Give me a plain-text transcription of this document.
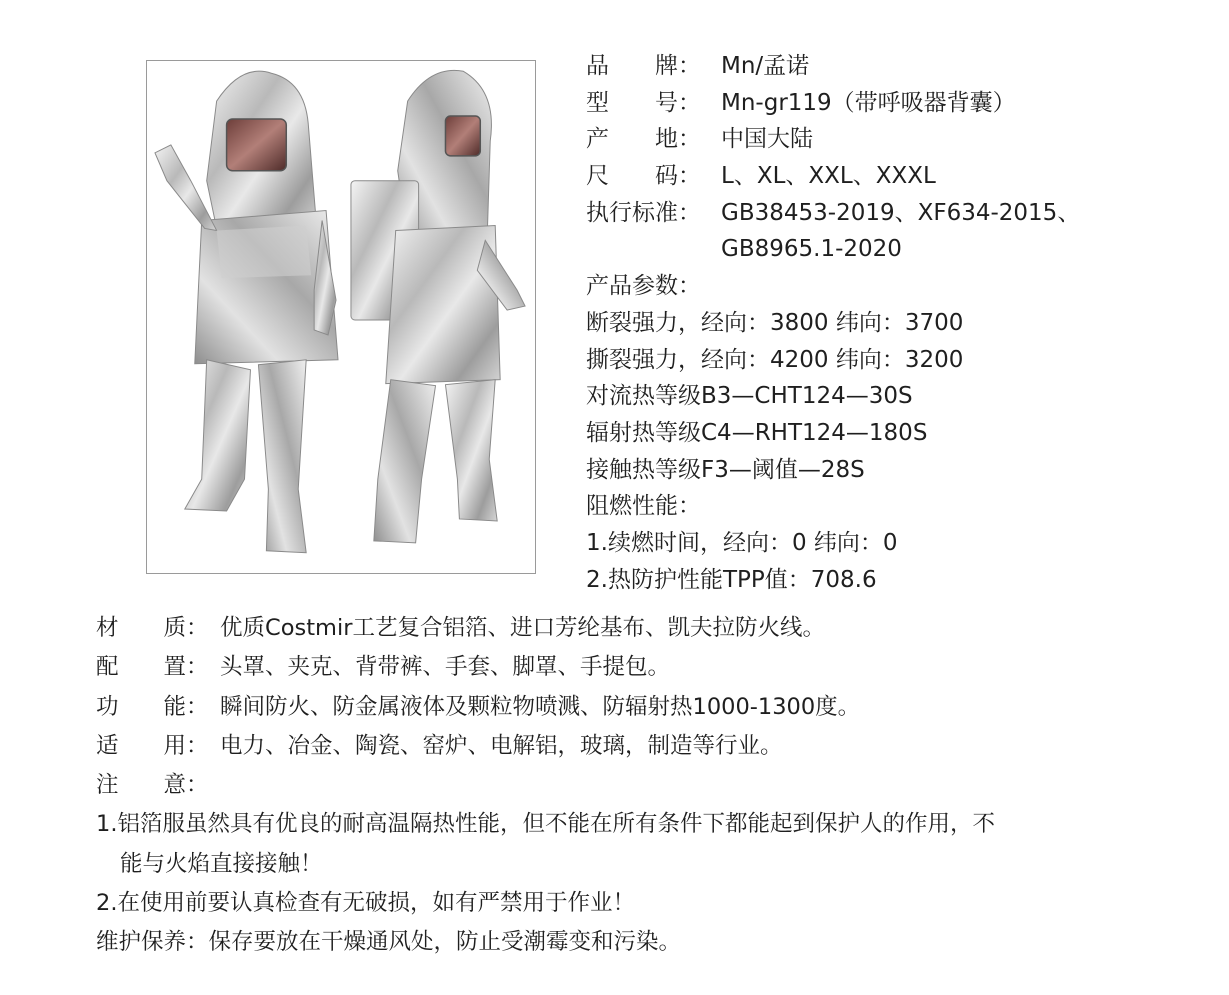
品　　牌： Mn/孟诺
型　　号： Mn-gr119（带呼吸器背囊）
产　　地： 中国大陆
尺　　码： L、XL、XXL、XXXL
执行标准： GB38453-2019、XF634-2015、
GB8965.1-2020
产品参数：
断裂强力，经向：3800 纬向：3700
撕裂强力，经向：4200 纬向：3200
对流热等级B3—CHT124—30S
辐射热等级C4—RHT124—180S
接触热等级F3—阈值—28S
阻燃性能：
1.续燃时间，经向：0 纬向：0
2.热防护性能TPP值：708.6
材　　质： 优质Costmir工艺复合铝箔、进口芳纶基布、凯夫拉防火线。
配　　置： 头罩、夹克、背带裤、手套、脚罩、手提包。
功　　能： 瞬间防火、防金属液体及颗粒物喷溅、防辐射热1000-1300度。
适　　用： 电力、冶金、陶瓷、窑炉、电解铝，玻璃，制造等行业。
注　　意：
1.铝箔服虽然具有优良的耐高温隔热性能，但不能在所有条件下都能起到保护人的作用，不
能与火焰直接接触！
2.在使用前要认真检查有无破损，如有严禁用于作业！
维护保养：保存要放在干燥通风处，防止受潮霉变和污染。
